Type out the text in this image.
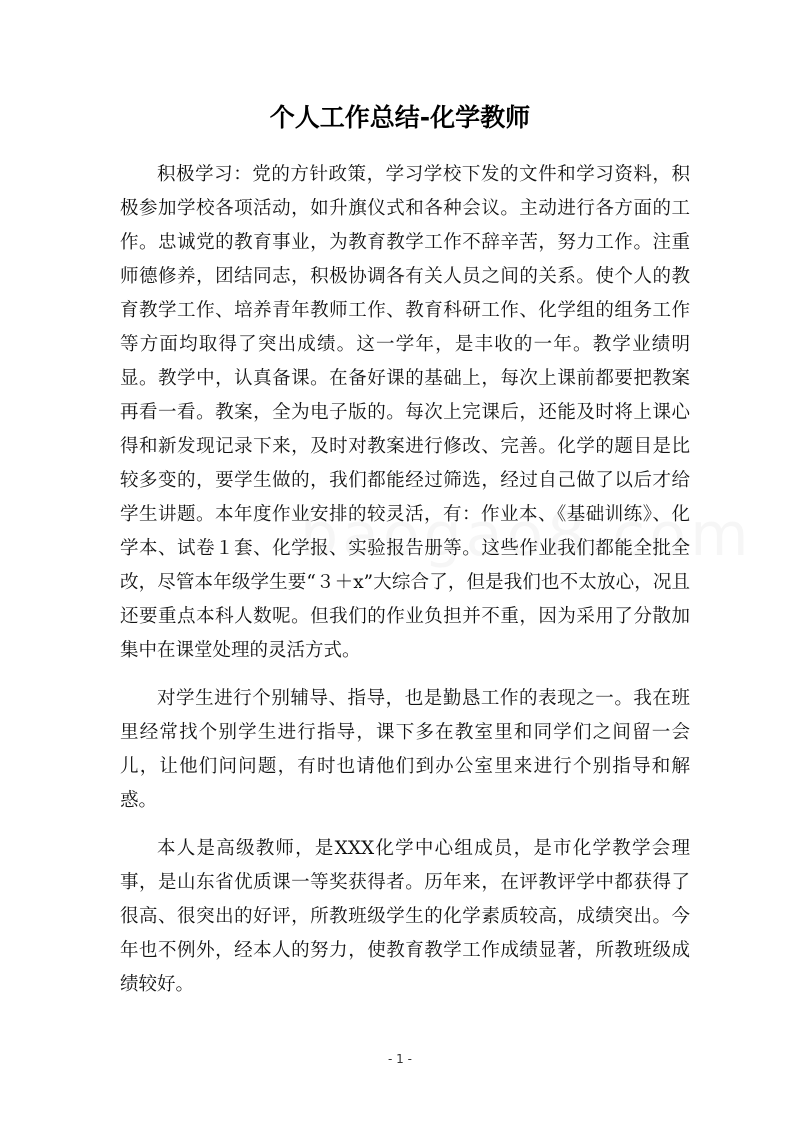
个人工作总结-化学教师

积极学习：党的方针政策，学习学校下发的文件和学习资料，积极参加学校各项活动，如升旗仪式和各种会议。主动进行各方面的工作。忠诚党的教育事业，为教育教学工作不辞辛苦，努力工作。注重师德修养，团结同志，积极协调各有关人员之间的关系。使个人的教育教学工作、培养青年教师工作、教育科研工作、化学组的组务工作等方面均取得了突出成绩。这一学年，是丰收的一年。教学业绩明显。教学中，认真备课。在备好课的基础上，每次上课前都要把教案再看一看。教案，全为电子版的。每次上完课后，还能及时将上课心得和新发现记录下来，及时对教案进行修改、完善。化学的题目是比较多变的，要学生做的，我们都能经过筛选，经过自己做了以后才给学生讲题。本年度作业安排的较灵活，有：作业本、《基础训练》、化学本、试卷１套、化学报、实验报告册等。这些作业我们都能全批全改，尽管本年级学生要“３＋x”大综合了，但是我们也不太放心，况且还要重点本科人数呢。但我们的作业负担并不重，因为采用了分散加集中在课堂处理的灵活方式。

对学生进行个别辅导、指导，也是勤恳工作的表现之一。我在班里经常找个别学生进行指导，课下多在教室里和同学们之间留一会儿，让他们问问题，有时也请他们到办公室里来进行个别指导和解惑。

本人是高级教师，是XXX化学中心组成员，是市化学教学会理事，是山东省优质课一等奖获得者。历年来，在评教评学中都获得了很高、很突出的好评，所教班级学生的化学素质较高，成绩突出。今年也不例外，经本人的努力，使教育教学工作成绩显著，所教班级成绩较好。

- 1 -
